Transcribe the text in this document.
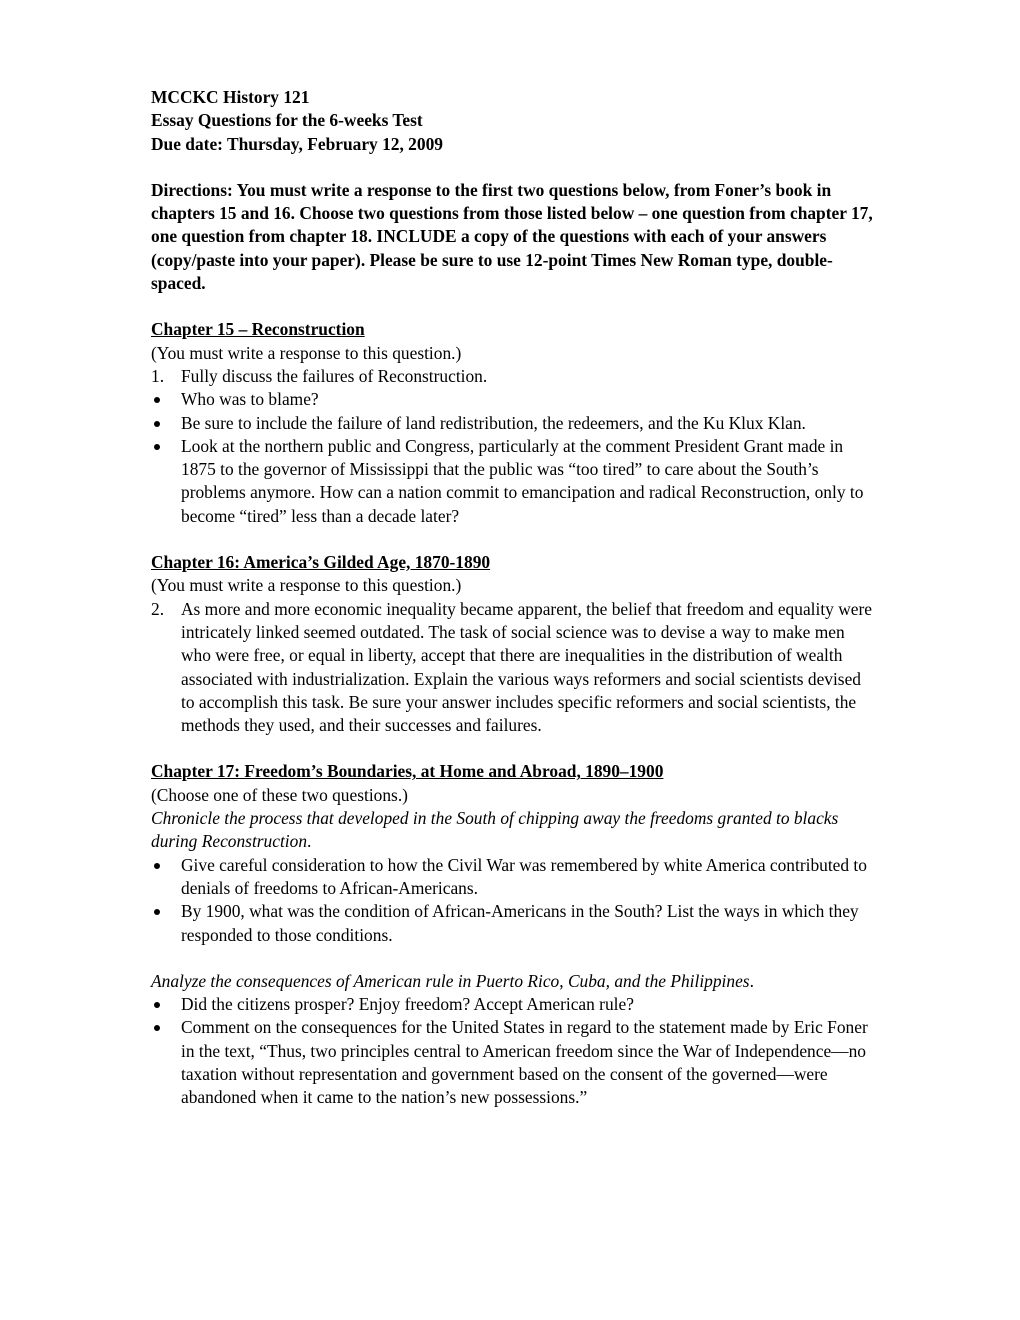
MCCKC History 121

Essay Questions for the 6-weeks Test

Due date: Thursday, February 12, 2009

Directions: You must write a response to the first two questions below, from Foner’s book in chapters 15 and 16. Choose two questions from those listed below – one question from chapter 17, one question from chapter 18. INCLUDE a copy of the questions with each of your answers (copy/paste into your paper). Please be sure to use 12-point Times New Roman type, double-spaced.

Chapter 15 – Reconstruction

(You must write a response to this question.)

1. Fully discuss the failures of Reconstruction.
Who was to blame?
Be sure to include the failure of land redistribution, the redeemers, and the Ku Klux Klan.
Look at the northern public and Congress, particularly at the comment President Grant made in 1875 to the governor of Mississippi that the public was “too tired” to care about the South’s problems anymore. How can a nation commit to emancipation and radical Reconstruction, only to become “tired” less than a decade later?

Chapter 16: America’s Gilded Age, 1870-1890

(You must write a response to this question.)

2. As more and more economic inequality became apparent, the belief that freedom and equality were intricately linked seemed outdated. The task of social science was to devise a way to make men who were free, or equal in liberty, accept that there are inequalities in the distribution of wealth associated with industrialization. Explain the various ways reformers and social scientists devised to accomplish this task. Be sure your answer includes specific reformers and social scientists, the methods they used, and their successes and failures.

Chapter 17: Freedom’s Boundaries, at Home and Abroad, 1890–1900

(Choose one of these two questions.)

Chronicle the process that developed in the South of chipping away the freedoms granted to blacks during Reconstruction.

Give careful consideration to how the Civil War was remembered by white America contributed to denials of freedoms to African-Americans.
By 1900, what was the condition of African-Americans in the South? List the ways in which they responded to those conditions.

Analyze the consequences of American rule in Puerto Rico, Cuba, and the Philippines.

Did the citizens prosper? Enjoy freedom? Accept American rule?
Comment on the consequences for the United States in regard to the statement made by Eric Foner in the text, “Thus, two principles central to American freedom since the War of Independence—no taxation without representation and government based on the consent of the governed—were abandoned when it came to the nation’s new possessions.”
